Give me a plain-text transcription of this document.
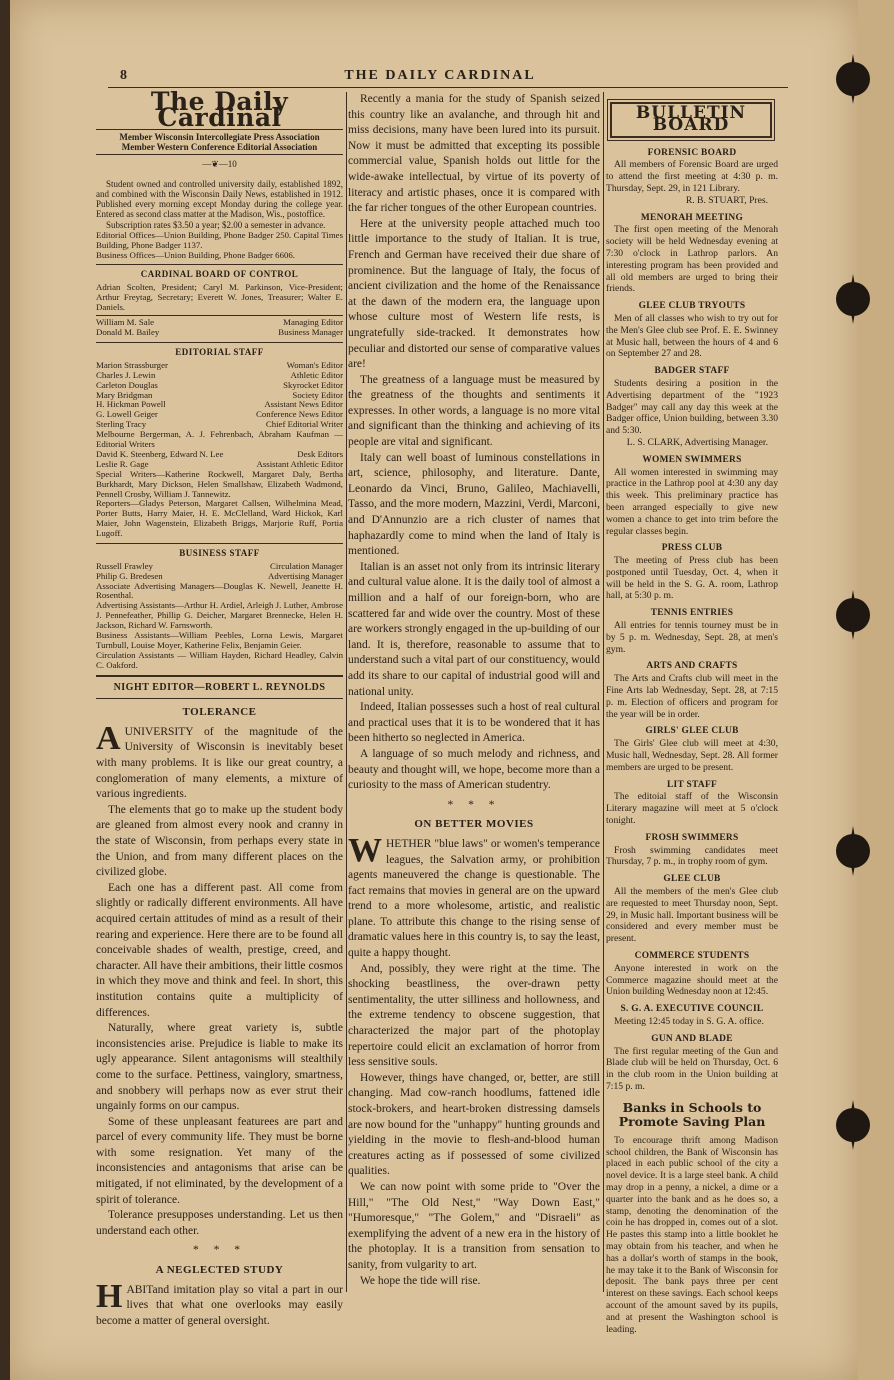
8	THE DAILY CARDINAL
The Daily Cardinal
Member Wisconsin Intercollegiate Press Association
Member Western Conference Editorial Association
—❦—10
Student owned and controlled university daily, established 1892, and combined with the Wisconsin Daily News, established in 1912. Published every morning except Monday during the college year. Entered as second class matter at the Madison, Wis., postoffice.
Subscription rates $3.50 a year; $2.00 a semester in advance.
Editorial Offices—Union Building, Phone Badger 250. Capital Times Building, Phone Badger 1137.
Business Offices—Union Building, Phone Badger 6606.
CARDINAL BOARD OF CONTROL
Adrian Scolten, President; Caryl M. Parkinson, Vice-President; Arthur Freytag, Secretary; Everett W. Jones, Treasurer; Walter E. Daniels.
William M. Sale	Managing Editor
Donald M. Bailey	Business Manager
EDITORIAL STAFF
Marion Strassburger	Woman's Editor
Charles J. Lewin	Athletic Editor
Carleton Douglas	Skyrocket Editor
Mary Bridgman	Society Editor
H. Hickman Powell	Assistant News Editor
G. Lowell Geiger	Conference News Editor
Sterling Tracy	Chief Editorial Writer
Melbourne Bergerman, A. J. Fehrenbach, Abraham Kaufman — Editorial Writers
David K. Steenberg, Edward N. Lee	Desk Editors
Leslie R. Gage	Assistant Athletic Editor
Special Writers—Katherine Rockwell, Margaret Daly, Bertha Burkhardt, Mary Dickson, Helen Smallshaw, Elizabeth Wadmond, Pennell Crosby, William J. Tannewitz.
Reporters—Gladys Peterson, Margaret Callsen, Wilhelmina Mead, Porter Butts, Harry Maier, H. E. McClelland, Ward Hickok, Karl Maier, John Wagenstein, Elizabeth Briggs, Marjorie Ruff, Portia Lugoff.
BUSINESS STAFF
Russell Frawley	Circulation Manager
Philip G. Bredesen	Advertising Manager
Associate Advertising Managers—Douglas K. Newell, Jeanette H. Rosenthal.
Advertising Assistants—Arthur H. Ardiel, Arleigh J. Luther, Ambrose J. Pennefeather, Phillip G. Deicher, Margaret Brennecke, Helen H. Jackson, Richard W. Farnsworth.
Business Assistants—William Peebles, Lorna Lewis, Margaret Turnbull, Louise Moyer, Katherine Felix, Benjamin Geier.
Circulation Assistants — William Hayden, Richard Headley, Calvin C. Oakford.
NIGHT EDITOR—ROBERT L. REYNOLDS
TOLERANCE

AUNIVERSITY of the magnitude of the University of Wisconsin is inevitably beset with many problems. It is like our great country, a conglomeration of many elements, a mixture of various ingredients.

The elements that go to make up the student body are gleaned from almost every nook and cranny in the state of Wisconsin, from perhaps every state in the Union, and from many different places on the civilized globe.

Each one has a different past. All come from slightly or radically different environments. All have acquired certain attitudes of mind as a result of their rearing and experience. Here there are to be found all conceivable shades of wealth, prestige, creed, and character. All have their ambitions, their little cosmos in which they move and think and feel. In short, this institution contains quite a multiplicity of differences.

Naturally, where great variety is, subtle inconsistencies arise. Prejudice is liable to make its ugly appearance. Silent antagonisms will stealthily come to the surface. Pettiness, vainglory, smartness, and snobbery will perhaps now as ever strut their ungainly forms on our campus.

Some of these unpleasant featurees are part and parcel of every community life. They must be borne with some resignation. Yet many of the inconsistencies and antagonisms that arise can be mitigated, if not eliminated, by the development of a spirit of tolerance.

Tolerance presupposes understanding. Let us then understand each other.

* * *
A NEGLECTED STUDY

H ABITand imitation play so vital a part in our lives that what one overlooks may easily become a matter of general oversight.

Recently a mania for the study of Spanish seized this country like an avalanche, and through hit and miss decisions, many have been lured into its pursuit. Now it must be admitted that excepting its possible commercial value, Spanish holds out little for the wide-awake intellectual, by virtue of its poverty of literacy and artistic phases, once it is compared with the far richer tongues of the other European countries.

Here at the university people attached much too little importance to the study of Italian. It is true, French and German have received their due share of prominence. But the language of Italy, the focus of ancient civilization and the home of the Renaissance at the dawn of the modern era, the language upon whose culture most of Western life rests, is ungratefully side-tracked. It demonstrates how peculiar and distorted our sense of comparative values are!

The greatness of a language must be measured by the greatness of the thoughts and sentiments it expresses. In other words, a language is no more vital and significant than the thinking and achieving of its people are vital and significant.

Italy can well boast of luminous constellations in art, science, philosophy, and literature. Dante, Leonardo da Vinci, Bruno, Galileo, Machiavelli, Tasso, and the more modern, Mazzini, Verdi, Marconi, and D'Annunzio are a rich cluster of names that haphazardly come to mind when the land of Italy is mentioned.

Italian is an asset not only from its intrinsic literary and cultural value alone. It is the daily tool of almost a million and a half of our foreign-born, who are scattered far and wide over the country. Most of these are workers strongly engaged in the up-building of our land. It is, therefore, reasonable to assume that to understand such a vital part of our constituency, would add its share to our capital of industrial good will and national unity.

Indeed, Italian possesses such a host of real cultural and practical uses that it is to be wondered that it has been hitherto so neglected in America.

A language of so much melody and richness, and beauty and thought will, we hope, become more than a curiosity to the mass of American studentry.

* * *
ON BETTER MOVIES

WHETHER "blue laws" or women's temperance leagues, the Salvation army, or prohibition agents maneuvered the change is questionable. The fact remains that movies in general are on the upward trend to a more wholesome, artistic, and realistic plane. To attribute this change to the rising sense of dramatic values here in this country is, to say the least, quite a happy thought.

And, possibly, they were right at the time. The shocking beastliness, the over-drawn petty sentimentality, the utter silliness and hollowness, and the extreme tendency to obscene suggestion, that characterized the major part of the photoplay repertoire could elicit an exclamation of horror from less sensitive souls.

However, things have changed, or, better, are still changing. Mad cow-ranch hoodlums, fattened idle stock-brokers, and heart-broken distressing damsels are now bound for the "unhappy" hunting grounds and yielding in the movie to flesh-and-blood human creatures acting as if possessed of some civilized qualities.

We can now point with some pride to "Over the Hill," "The Old Nest," "Way Down East," "Humoresque," "The Golem," and "Disraeli" as exemplifying the advent of a new era in the history of the photoplay. It is a transition from sensation to sanity, from vulgarity to art.

We hope the tide will rise.

BULLETIN BOARD
FORENSIC BOARD
All members of Forensic Board are urged to attend the first meeting at 4:30 p. m. Thursday, Sept. 29, in 121 Library.
R. B. STUART, Pres.
MENORAH MEETING
The first open meeting of the Menorah society will be held Wednesday evening at 7:30 o'clock in Lathrop parlors. An interesting program has been provided and all old members are urged to bring their friends.
GLEE CLUB TRYOUTS
Men of all classes who wish to try out for the Men's Glee club see Prof. E. E. Swinney at Music hall, between the hours of 4 and 6 on September 27 and 28.
BADGER STAFF
Students desiring a position in the Advertising department of the "1923 Badger" may call any day this week at the Badger office, Union building, between 3.30 and 5:30.
L. S. CLARK, Advertising Manager.
WOMEN SWIMMERS
All women interested in swimming may practice in the Lathrop pool at 4:30 any day this week. This preliminary practice has been arranged especially to give new women a chance to get into trim before the regular classes begin.
PRESS CLUB
The meeting of Press club has been postponed until Tuesday, Oct. 4, when it will be held in the S. G. A. room, Lathrop hall, at 5:30 p. m.
TENNIS ENTRIES
All entries for tennis tourney must be in by 5 p. m. Wednesday, Sept. 28, at men's gym.
ARTS AND CRAFTS
The Arts and Crafts club will meet in the Fine Arts lab Wednesday, Sept. 28, at 7:15 p. m. Election of officers and program for the year will be in order.
GIRLS' GLEE CLUB
The Girls' Glee club will meet at 4:30, Music hall, Wednesday, Sept. 28. All former members are urged to be present.
LIT STAFF
The editoial staff of the Wisconsin Literary magazine will meet at 5 o'clock tonight.
FROSH SWIMMERS
Frosh swimming candidates meet Thursday, 7 p. m., in trophy room of gym.
GLEE CLUB
All the members of the men's Glee club are requested to meet Thursday noon, Sept. 29, in Music hall. Important business will be considered and every member must be present.
COMMERCE STUDENTS
Anyone interested in work on the Commerce magazine should meet at the Union building Wednesday noon at 12:45.
S. G. A. EXECUTIVE COUNCIL
Meeting 12:45 today in S. G. A. office.
GUN AND BLADE
The first regular meeting of the Gun and Blade club will be held on Thursday, Oct. 6 in the club room in the Union building at 7:15 p. m.
Banks in Schools to
Promote Saving Plan
To encourage thrift among Madison school children, the Bank of Wisconsin has placed in each public school of the city a novel device. It is a large steel bank. A child may drop in a penny, a nickel, a dime or a quarter into the bank and as he does so, a stamp, denoting the denomination of the coin he has dropped in, comes out of a slot. He pastes this stamp into a little booklet he may obtain from his teacher, and when he has a dollar's worth of stamps in the book, he may take it to the Bank of Wisconsin for deposit. The bank pays three per cent interest on these savings. Each school keeps account of the amount saved by its pupils, and at present the Washington school is leading.
